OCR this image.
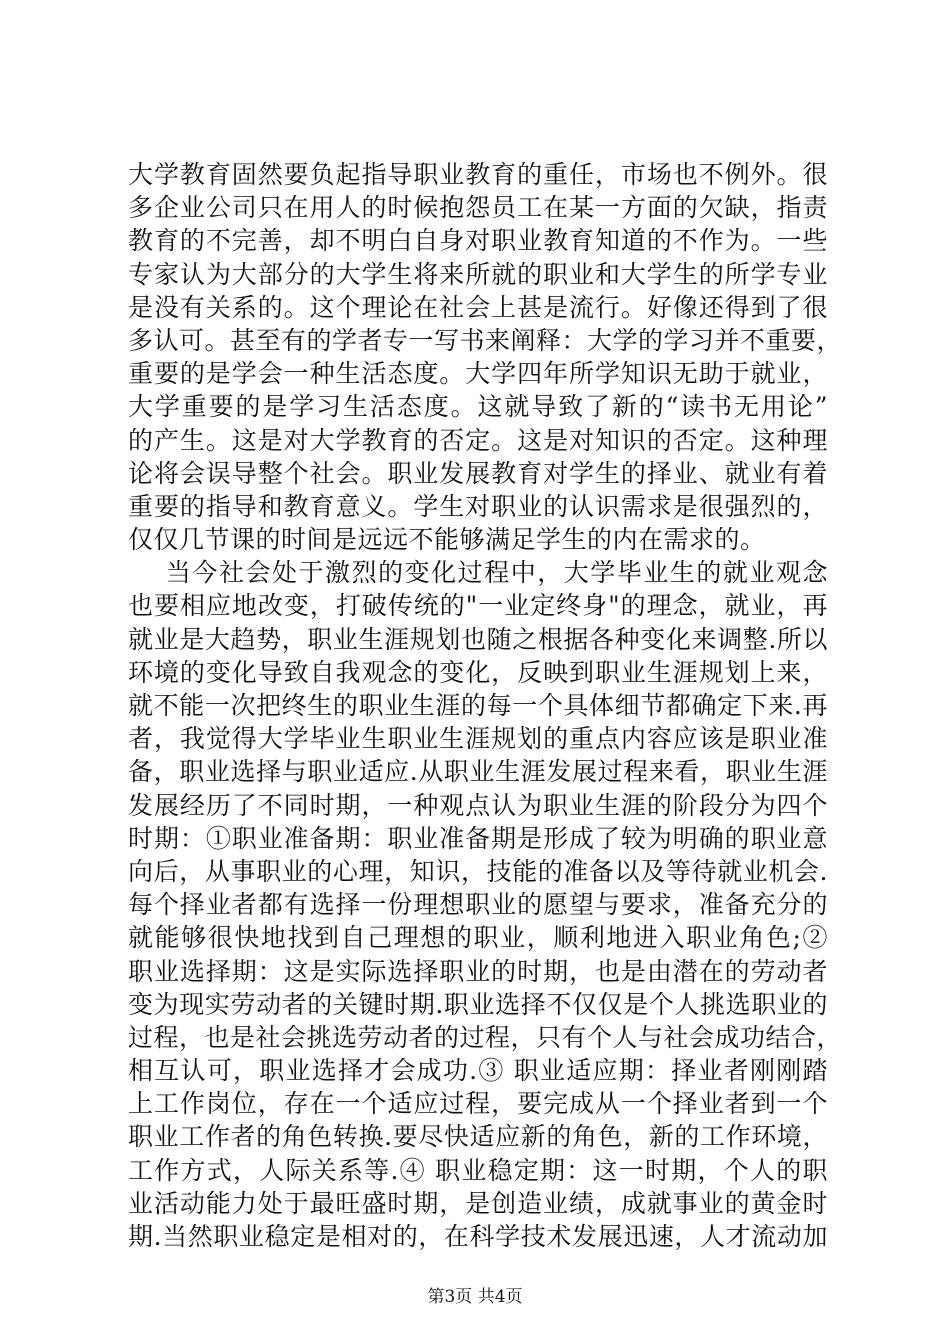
大学教育固然要负起指导职业教育的重任，市场也不例外。很
多企业公司只在用人的时候抱怨员工在某一方面的欠缺，指责
教育的不完善，却不明白自身对职业教育知道的不作为。一些
专家认为大部分的大学生将来所就的职业和大学生的所学专业
是没有关系的。这个理论在社会上甚是流行。好像还得到了很
多认可。甚至有的学者专一写书来阐释：大学的学习并不重要，
重要的是学会一种生活态度。大学四年所学知识无助于就业，
大学重要的是学习生活态度。这就导致了新的“读书无用论”
的产生。这是对大学教育的否定。这是对知识的否定。这种理
论将会误导整个社会。职业发展教育对学生的择业、就业有着
重要的指导和教育意义。学生对职业的认识需求是很强烈的，
仅仅几节课的时间是远远不能够满足学生的内在需求的。
当今社会处于激烈的变化过程中，大学毕业生的就业观念
也要相应地改变，打破传统的"一业定终身"的理念，就业，再
就业是大趋势，职业生涯规划也随之根据各种变化来调整.所以
环境的变化导致自我观念的变化，反映到职业生涯规划上来，
就不能一次把终生的职业生涯的每一个具体细节都确定下来.再
者，我觉得大学毕业生职业生涯规划的重点内容应该是职业准
备，职业选择与职业适应.从职业生涯发展过程来看，职业生涯
发展经历了不同时期，一种观点认为职业生涯的阶段分为四个
时期：①职业准备期：职业准备期是形成了较为明确的职业意
向后，从事职业的心理，知识，技能的准备以及等待就业机会.
每个择业者都有选择一份理想职业的愿望与要求，准备充分的
就能够很快地找到自己理想的职业，顺利地进入职业角色;②
职业选择期：这是实际选择职业的时期，也是由潜在的劳动者
变为现实劳动者的关键时期.职业选择不仅仅是个人挑选职业的
过程，也是社会挑选劳动者的过程，只有个人与社会成功结合，
相互认可，职业选择才会成功.③ 职业适应期：择业者刚刚踏
上工作岗位，存在一个适应过程，要完成从一个择业者到一个
职业工作者的角色转换.要尽快适应新的角色，新的工作环境，
工作方式，人际关系等.④ 职业稳定期：这一时期，个人的职
业活动能力处于最旺盛时期，是创造业绩，成就事业的黄金时
期.当然职业稳定是相对的，在科学技术发展迅速，人才流动加
第3页 共4页
